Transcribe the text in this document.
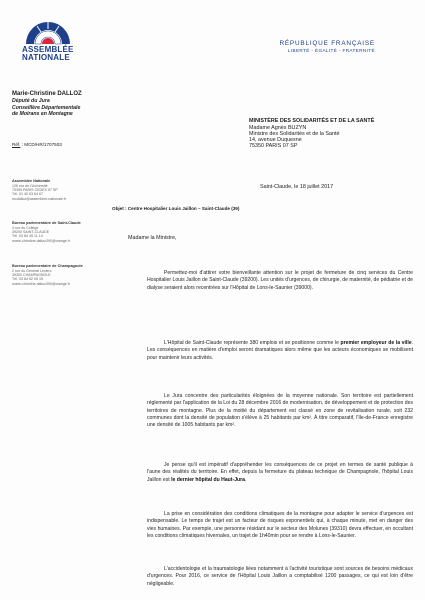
ASSEMBLÉE
NATIONALE
RÉPUBLIQUE FRANÇAISE
LIBERTÉ - ÉGALITÉ - FRATERNITÉ
Marie-Christine DALLOZ
Député du Jura
Conseillère Départementale
de Moirans en Montagne
Réf. : MCD/HR/1707503
MINISTÈRE DES SOLIDARITÉS ET DE LA SANTÉ
Madame Agnès BUZYN
Ministre des Solidarités et de la Santé
14, avenue Duquesne
75350 PARIS 07 SP
Assemblée Nationale
126 rue de l'Université
75355 PARIS CEDEX 07 SP
Tél. 01 40 63 64 67
mcdalloz@assemblee-nationale.fr
Bureau parlementaire de Saint-Claude
4 rue du Collège
39200 SAINT-CLAUDE
Tél. 03 84 45 11 14
marie-christine.dalloz390@orange.fr
Bureau parlementaire de Champagnole
2 rue du Général Leclerc
39300 CHAMPAGNOLE
Tél. 03 84 52 05 15
marie-christine.dalloz390@orange.fr
Saint-Claude, le 18 juillet 2017
Objet : Centre Hospitalier Louis Jaillon – Saint-Claude (39)
Madame la Ministre,
Permettez-moi d'attirer votre bienveillante attention sur le projet de fermeture de cinq services du Centre Hospitalier Louis Jaillon de Saint-Claude (39200). Les unités d'urgences, de chirurgie, de maternité, de pédiatrie et de dialyse seraient alors recentrées sur l'Hôpital de Lons-le-Saunier (39000).
L'Hôpital de Saint-Claude représente 380 emplois et se positionne comme le premier employeur de la ville. Les conséquences en matière d'emploi seront dramatiques alors même que les acteurs économiques se mobilisent pour maintenir leurs activités.
Le Jura concentre des particularités éloignées de la moyenne nationale. Son territoire est partiellement réglementé par l'application de la Loi du 28 décembre 2016 de modernisation, de développement et de protection des territoires de montagne. Plus de la moitié du département est classé en zone de revitalisation rurale, soit 232 communes dont la densité de population s'élève à 25 habitants par km². À titre comparatif, l'Ile-de-France enregistre une densité de 1005 habitants par km².
Je pense qu'il est impératif d'appréhender les conséquences de ce projet en termes de santé publique à l'aune des réalités du territoire. En effet, depuis la fermeture du plateau technique de Champagnole, l'hôpital Louis Jaillon est le dernier hôpital du Haut-Jura.
La prise en considération des conditions climatiques de la montagne pour adapter le service d'urgences est indispensable. Le temps de trajet est un facteur de risques exponentiels qui, à chaque minute, met en danger des vies humaines. Par exemple, une personne résidant sur le secteur des Molunes (39310) devra effectuer, en occultant les conditions climatiques hivernales, un trajet de 1h40min pour se rendre à Lons-le-Saunier.
L'accidentologie et la traumatologie liées notamment à l'activité touristique sont sources de besoins médicaux d'urgences. Pour 2016, ce service de l'Hôpital Louis Jaillon a comptabilisé 1200 passages, ce qui est loin d'être négligeable.
